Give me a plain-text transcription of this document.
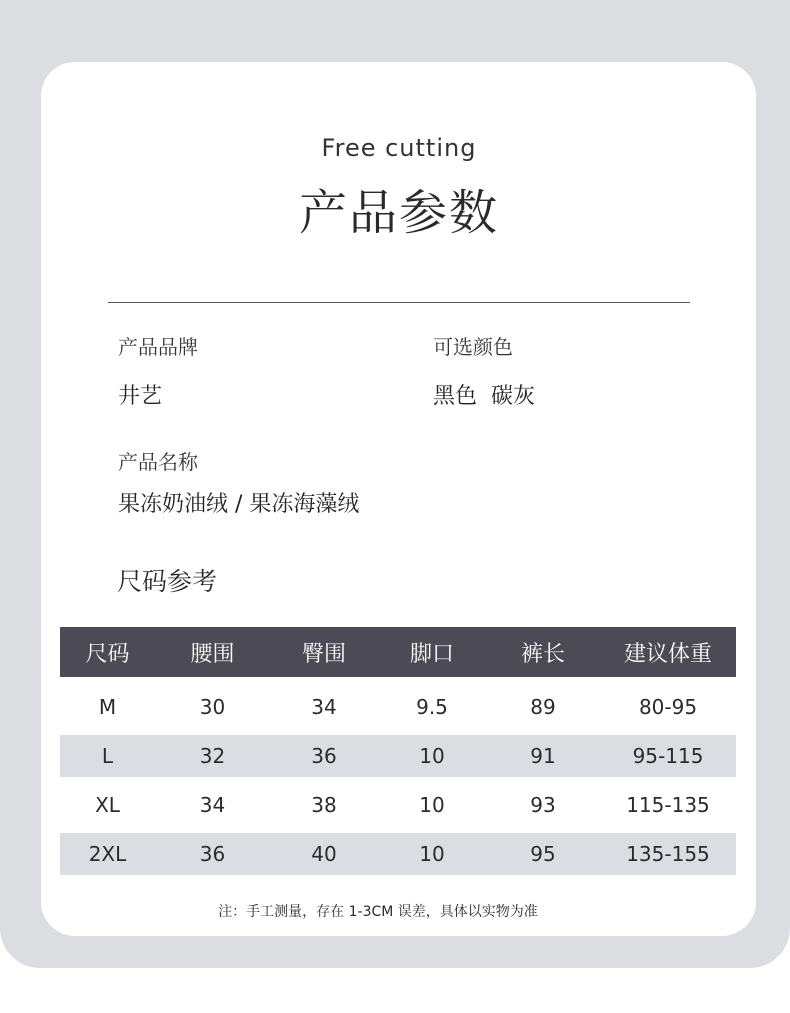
Free cutting
产品参数
产品品牌
井艺
可选颜色
黑色  碳灰
产品名称
果冻奶油绒 / 果冻海藻绒
尺码参考
尺码	腰围	臀围	脚口	裤长	建议体重
M	30	34	9.5	89	80-95
L	32	36	10	91	95-115
XL	34	38	10	93	115-135
2XL	36	40	10	95	135-155
注：手工测量，存在 1-3CM 误差，具体以实物为准
